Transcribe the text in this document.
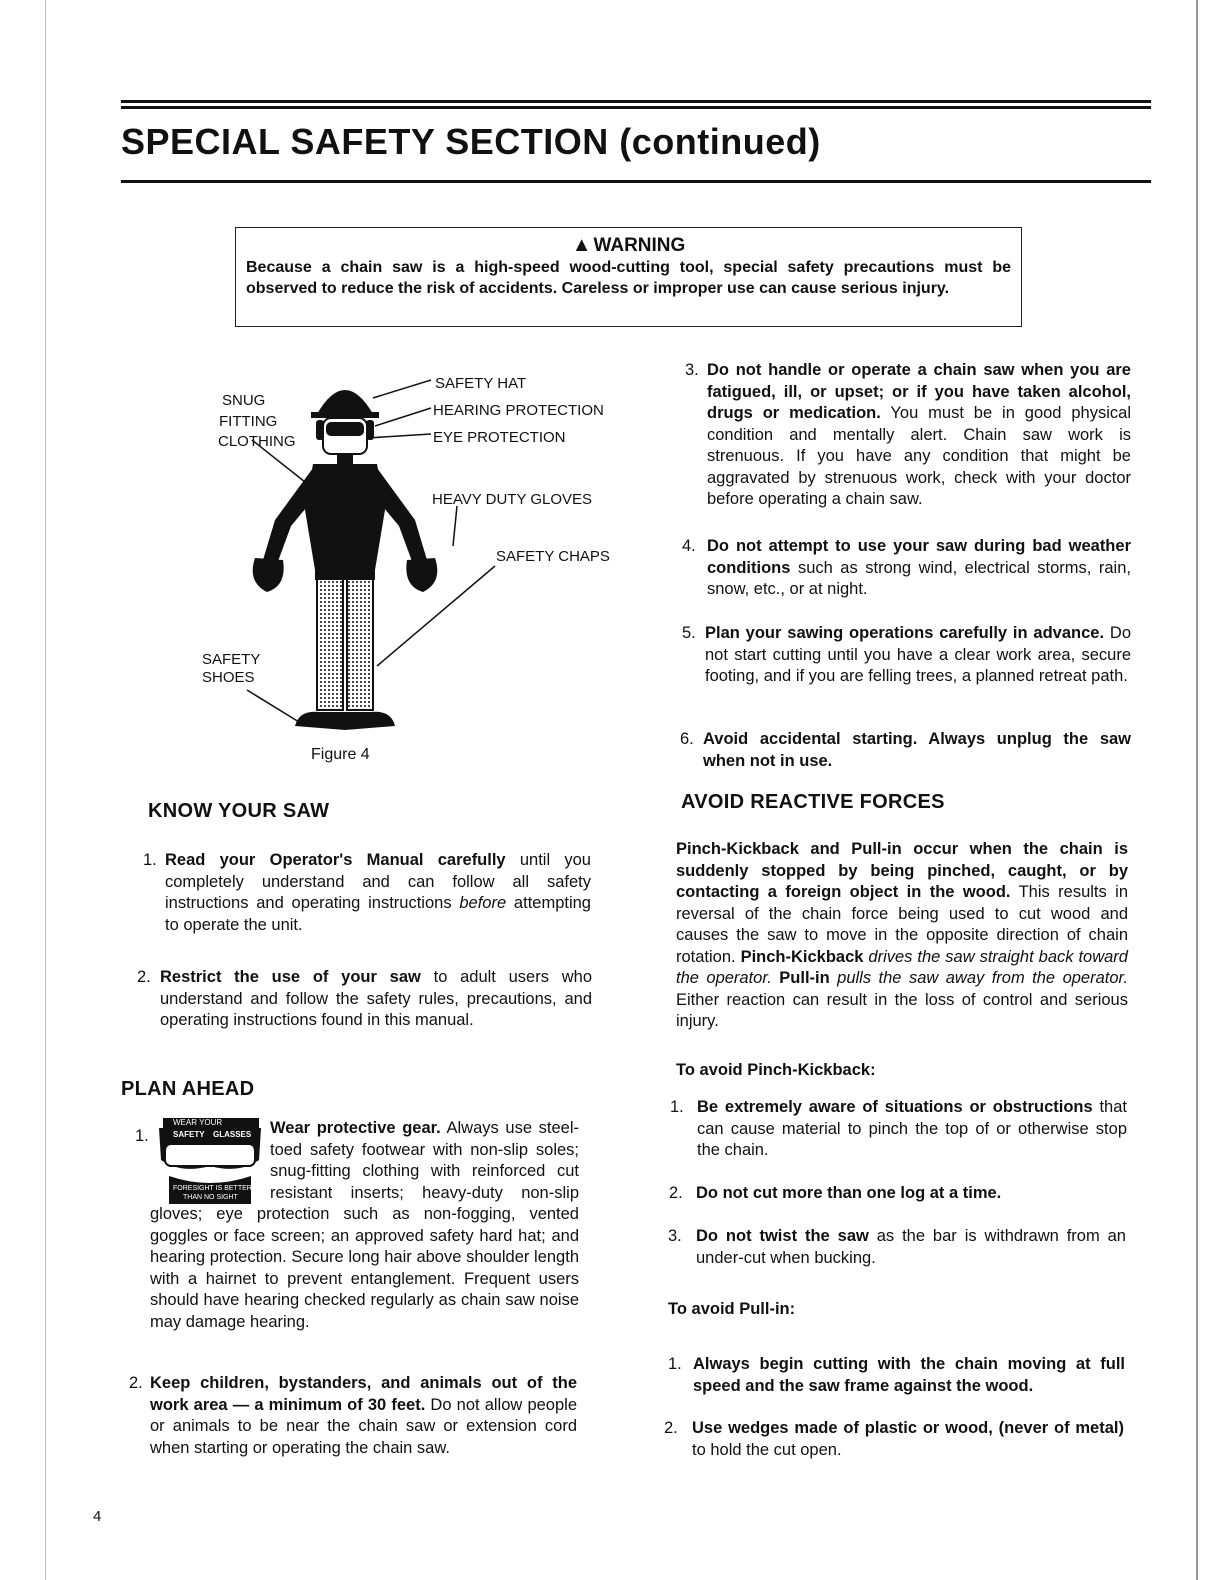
SPECIAL SAFETY SECTION (continued)
▲ WARNING
Because a chain saw is a high-speed wood-cutting tool, special safety precautions must be observed to reduce the risk of accidents. Careless or improper use can cause serious injury.
SNUG
FITTING
CLOTHING
SAFETY HAT
HEARING PROTECTION
EYE PROTECTION
HEAVY DUTY GLOVES
SAFETY CHAPS
SAFETY
SHOES
Figure 4
KNOW YOUR SAW
1. Read your Operator's Manual carefully until you completely understand and can follow all safety instructions and operating instructions before attempting to operate the unit.
2. Restrict the use of your saw to adult users who understand and follow the safety rules, precautions, and operating instructions found in this manual.
PLAN AHEAD
1.
WEAR YOUR
SAFETY GLASSES
FORESIGHT IS BETTER
THAN NO SIGHT
Wear protective gear. Always use steel-toed safety footwear with non-slip soles; snug-fitting clothing with reinforced cut resistant inserts; heavy-duty non-slip gloves; eye protection such as non-fogging, vented goggles or face screen; an approved safety hard hat; and hearing protection. Secure long hair above shoulder length with a hairnet to prevent entanglement. Frequent users should have hearing checked regularly as chain saw noise may damage hearing.
2. Keep children, bystanders, and animals out of the work area — a minimum of 30 feet. Do not allow people or animals to be near the chain saw or extension cord when starting or operating the chain saw.
3. Do not handle or operate a chain saw when you are fatigued, ill, or upset; or if you have taken alcohol, drugs or medication. You must be in good physical condition and mentally alert. Chain saw work is strenuous. If you have any condition that might be aggravated by strenuous work, check with your doctor before operating a chain saw.
4. Do not attempt to use your saw during bad weather conditions such as strong wind, electrical storms, rain, snow, etc., or at night.
5. Plan your sawing operations carefully in advance. Do not start cutting until you have a clear work area, secure footing, and if you are felling trees, a planned retreat path.
6. Avoid accidental starting. Always unplug the saw when not in use.
AVOID REACTIVE FORCES
Pinch-Kickback and Pull-in occur when the chain is suddenly stopped by being pinched, caught, or by contacting a foreign object in the wood. This results in reversal of the chain force being used to cut wood and causes the saw to move in the opposite direction of chain rotation. Pinch-Kickback drives the saw straight back toward the operator. Pull-in pulls the saw away from the operator. Either reaction can result in the loss of control and serious injury.
To avoid Pinch-Kickback:
1. Be extremely aware of situations or obstructions that can cause material to pinch the top of or otherwise stop the chain.
2. Do not cut more than one log at a time.
3. Do not twist the saw as the bar is withdrawn from an under-cut when bucking.
To avoid Pull-in:
1. Always begin cutting with the chain moving at full speed and the saw frame against the wood.
2. Use wedges made of plastic or wood, (never of metal) to hold the cut open.
4
